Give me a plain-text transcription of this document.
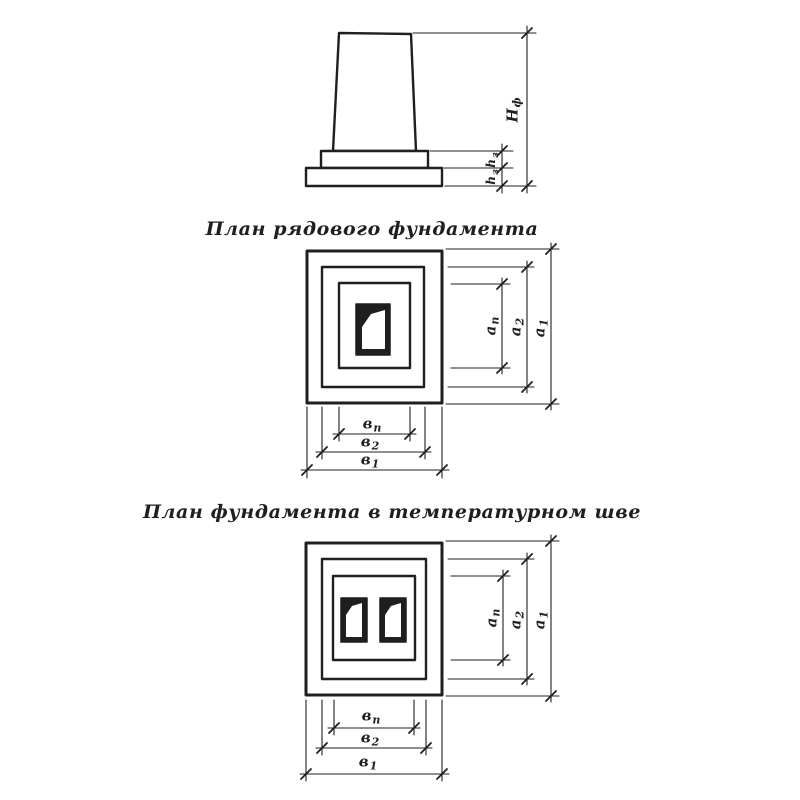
План рядового фундамента
План фундамента в температурном шве
$Н_ф$
$h_з$
$h_з$
$а_п$
$а_2$
$а_1$
$в_п$
$в_2$
$в_1$
$а_п$
$а_2$
$а_1$
$в_п$
$в_2$
$в_1$
